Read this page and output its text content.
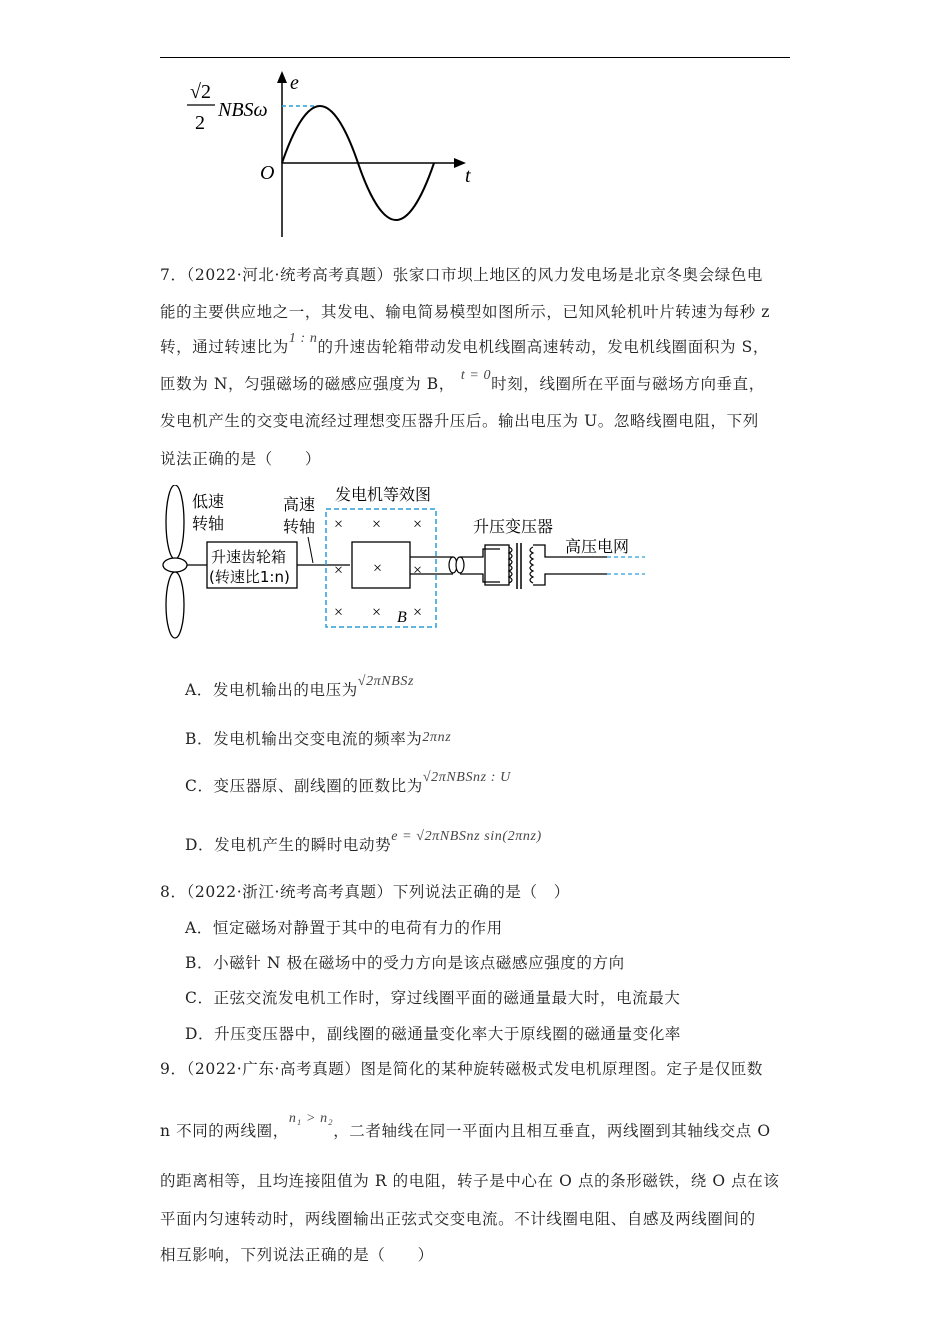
√2
2
NBSω
e
t
O
7．（2022·河北·统考高考真题）张家口市坝上地区的风力发电场是北京冬奥会绿色电
能的主要供应地之一，其发电、输电简易模型如图所示，已知风轮机叶片转速为每秒 z
转，通过转速比为1 : n的升速齿轮箱带动发电机线圈高速转动，发电机线圈面积为 S，
匝数为 N，匀强磁场的磁感应强度为 B， t = 0时刻，线圈所在平面与磁场方向垂直，
发电机产生的交变电流经过理想变压器升压后。输出电压为 U。忽略线圈电阻，下列
说法正确的是（　　）
低速
转轴
升速齿轮箱
(转速比1:n)
高速
转轴
发电机等效图
× × ×
×	×
× × ×
B
×
升压变压器
高压电网
A．发电机输出的电压为√2πNBSz
B．发电机输出交变电流的频率为2πnz
C．变压器原、副线圈的匝数比为√2πNBSnz : U
D．发电机产生的瞬时电动势e = √2πNBSnz sin(2πnz)
8．（2022·浙江·统考高考真题）下列说法正确的是（　）
A．恒定磁场对静置于其中的电荷有力的作用
B．小磁针 N 极在磁场中的受力方向是该点磁感应强度的方向
C．正弦交流发电机工作时，穿过线圈平面的磁通量最大时，电流最大
D．升压变压器中，副线圈的磁通量变化率大于原线圈的磁通量变化率
9．（2022·广东·高考真题）图是简化的某种旋转磁极式发电机原理图。定子是仅匝数
n 不同的两线圈，n₁ > n₂，二者轴线在同一平面内且相互垂直，两线圈到其轴线交点 O
的距离相等，且均连接阻值为 R 的电阻，转子是中心在 O 点的条形磁铁，绕 O 点在该
平面内匀速转动时，两线圈输出正弦式交变电流。不计线圈电阻、自感及两线圈间的
相互影响，下列说法正确的是（　　）
